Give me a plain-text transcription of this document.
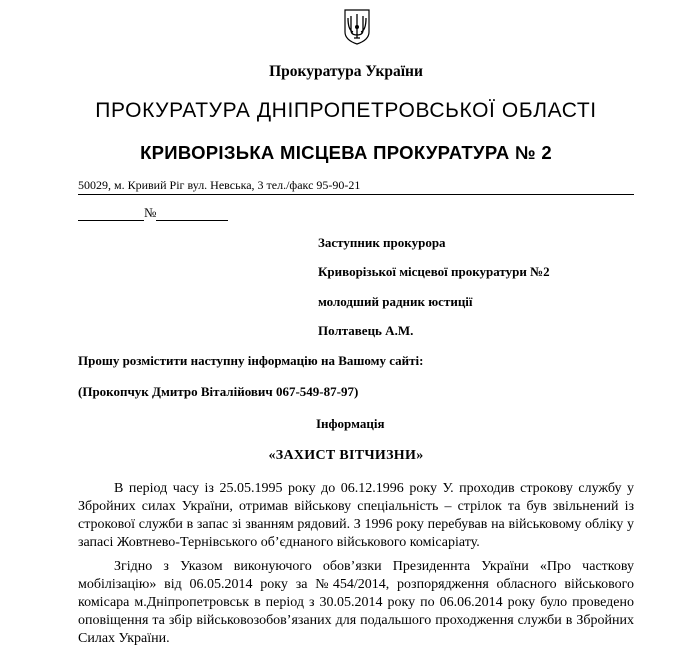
Прокуратура України
ПРОКУРАТУРА ДНІПРОПЕТРОВСЬКОЇ ОБЛАСТІ
КРИВОРІЗЬКА МІСЦЕВА ПРОКУРАТУРА № 2
50029, м. Кривий Ріг вул. Невська, 3 тел./факс 95-90-21
№
Заступник прокурора
Криворізької місцевої прокуратури №2
молодший радник юстиції
Полтавець А.М.
Прошу розмістити наступну інформацію на Вашому сайті:
(Прокопчук Дмитро Віталійович 067-549-87-97)
Інформація
«ЗАХИСТ ВІТЧИЗНИ»

В період часу із 25.05.1995 року до 06.12.1996 року У. проходив строкову службу у Збройних силах України, отримав військову спеціальність – стрілок та був звільнений із строкової служби в запас зі званням рядовий. З 1996 року перебував на військовому обліку у запасі Жовтнево-Тернівського об’єднаного військового комісаріату.

Згідно з Указом виконуючого обов’язки Президеннта України «Про часткову мобілізацію» від 06.05.2014 року за №454/2014, розпорядження обласного військового комісара м.Дніпропетровськ в період з 30.05.2014 року по 06.06.2014 року було проведено оповіщення та збір військовозобов’язаних для подальшого проходження служби в Збройних Силах України.
